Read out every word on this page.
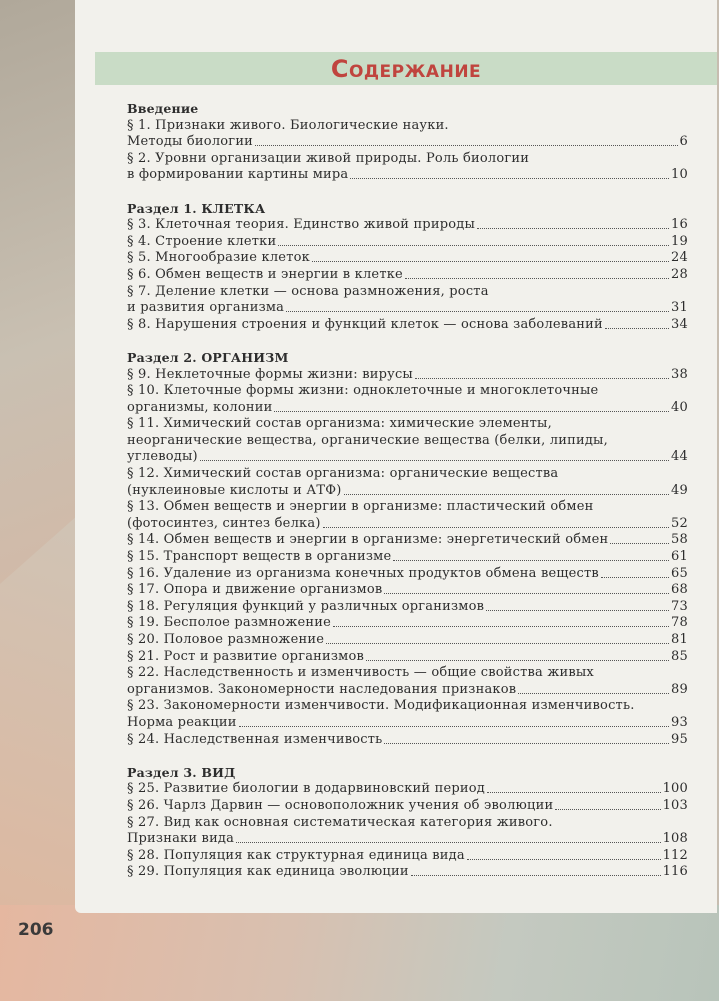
Содержание
Введение
§ 1. Признаки живого. Биологические науки.
Методы биологии	6
§ 2. Уровни организации живой природы. Роль биологии
в формировании картины мира	10
Раздел 1. КЛЕТКА
§ 3. Клеточная теория. Единство живой природы	16
§ 4. Строение клетки	19
§ 5. Многообразие клеток	24
§ 6. Обмен веществ и энергии в клетке	28
§ 7. Деление клетки — основа размножения, роста
и развития организма	31
§ 8. Нарушения строения и функций клеток — основа заболеваний	34
Раздел 2. ОРГАНИЗМ
§ 9. Неклеточные формы жизни: вирусы	38
§ 10. Клеточные формы жизни: одноклеточные и многоклеточные
организмы, колонии	40
§ 11. Химический состав организма: химические элементы,
неорганические вещества, органические вещества (белки, липиды,
углеводы)	44
§ 12. Химический состав организма: органические вещества
(нуклеиновые кислоты и АТФ)	49
§ 13. Обмен веществ и энергии в организме: пластический обмен
(фотосинтез, синтез белка)	52
§ 14. Обмен веществ и энергии в организме: энергетический обмен	58
§ 15. Транспорт веществ в организме	61
§ 16. Удаление из организма конечных продуктов обмена веществ	65
§ 17. Опора и движение организмов	68
§ 18. Регуляция функций у различных организмов	73
§ 19. Бесполое размножение	78
§ 20. Половое размножение	81
§ 21. Рост и развитие организмов	85
§ 22. Наследственность и изменчивость — общие свойства живых
организмов. Закономерности наследования признаков	89
§ 23. Закономерности изменчивости. Модификационная изменчивость.
Норма реакции	93
§ 24. Наследственная изменчивость	95
Раздел 3. ВИД
§ 25. Развитие биологии в додарвиновский период	100
§ 26. Чарлз Дарвин — основоположник учения об эволюции	103
§ 27. Вид как основная систематическая категория живого.
Признаки вида	108
§ 28. Популяция как структурная единица вида	112
§ 29. Популяция как единица эволюции	116
206
